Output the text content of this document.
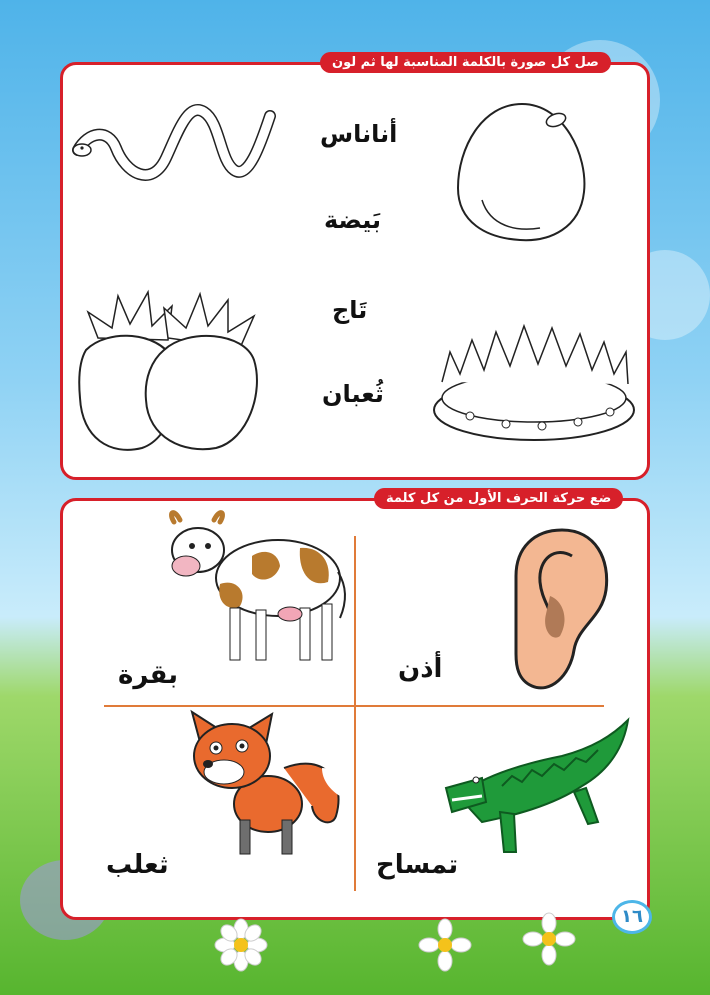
صل كل صورة بالكلمة المناسبة لها ثم لون
أناناس
بَيضة
تَاج
ثُعبان
ضع حركة الحرف الأول من كل كلمة
بقرة	أذن
ثعلب	تمساح
١٦
